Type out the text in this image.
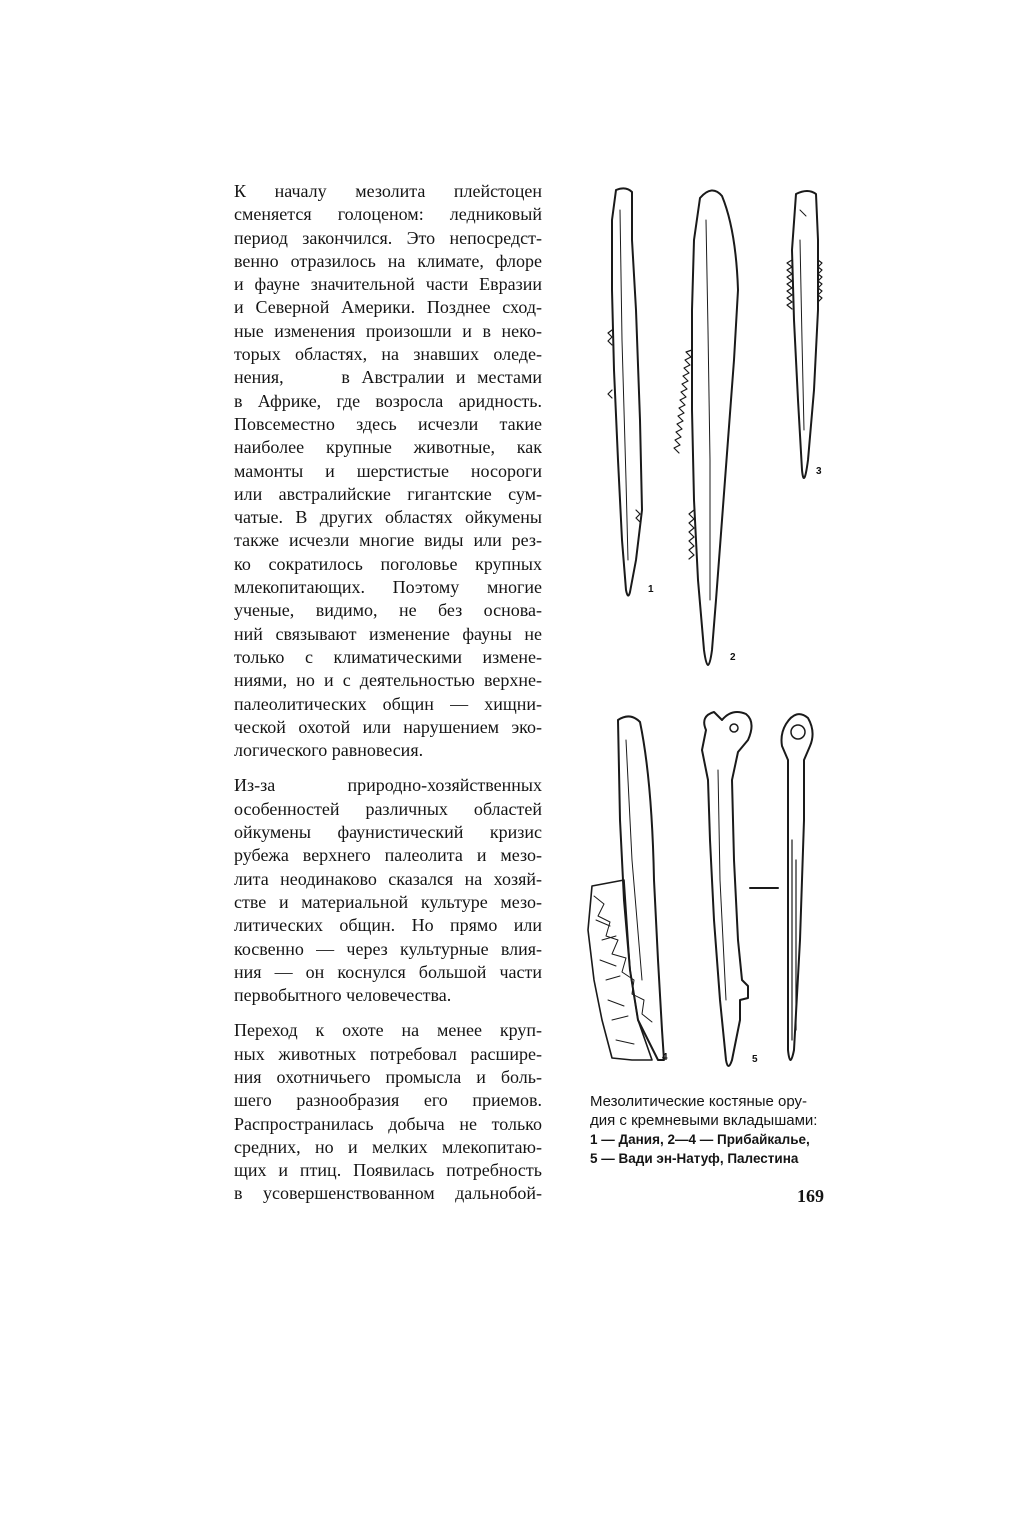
К началу мезолита плейстоцен
сменяется голоценом: ледниковый
период закончился. Это непосредст-
венно отразилось на климате, флоре
и фауне значительной части Евразии
и Северной Америки. Позднее сход-
ные изменения произошли и в неко-
торых областях, на знавших оледе-
нения,     в Австралии и местами
в Африке, где возросла аридность.
Повсеместно здесь исчезли такие
наиболее крупные животные, как
мамонты и шерстистые носороги
или австралийские гигантские сум-
чатые. В других областях ойкумены
также исчезли многие виды или рез-
ко сократилось поголовье крупных
млекопитающих. Поэтому многие
ученые, видимо, не без основа-
ний связывают изменение фауны не
только с климатическими измене-
ниями, но и с деятельностью верхне-
палеолитических общин — хищни-
ческой охотой или нарушением эко-
логического равновесия.

Из-за природно-хозяйственных
особенностей различных областей
ойкумены фаунистический кризис
рубежа верхнего палеолита и мезо-
лита неодинаково сказался на хозяй-
стве и материальной культуре мезо-
литических общин. Но прямо или
косвенно — через культурные влия-
ния — он коснулся большой части
первобытного человечества.

Переход к охоте на менее круп-
ных животных потребовал расшире-
ния охотничьего промысла и боль-
шего разнообразия его приемов.
Распространилась добыча не только
средних, но и мелких млекопитаю-
щих и птиц. Появилась потребность
в усовершенствованном дальнобой-

1
2
3
4	5
Мезолитические костяные ору-
дия с кремневыми вкладышами:
1 — Дания, 2—4 — Прибайкалье,
5 — Вади эн-Натуф, Палестина
169
